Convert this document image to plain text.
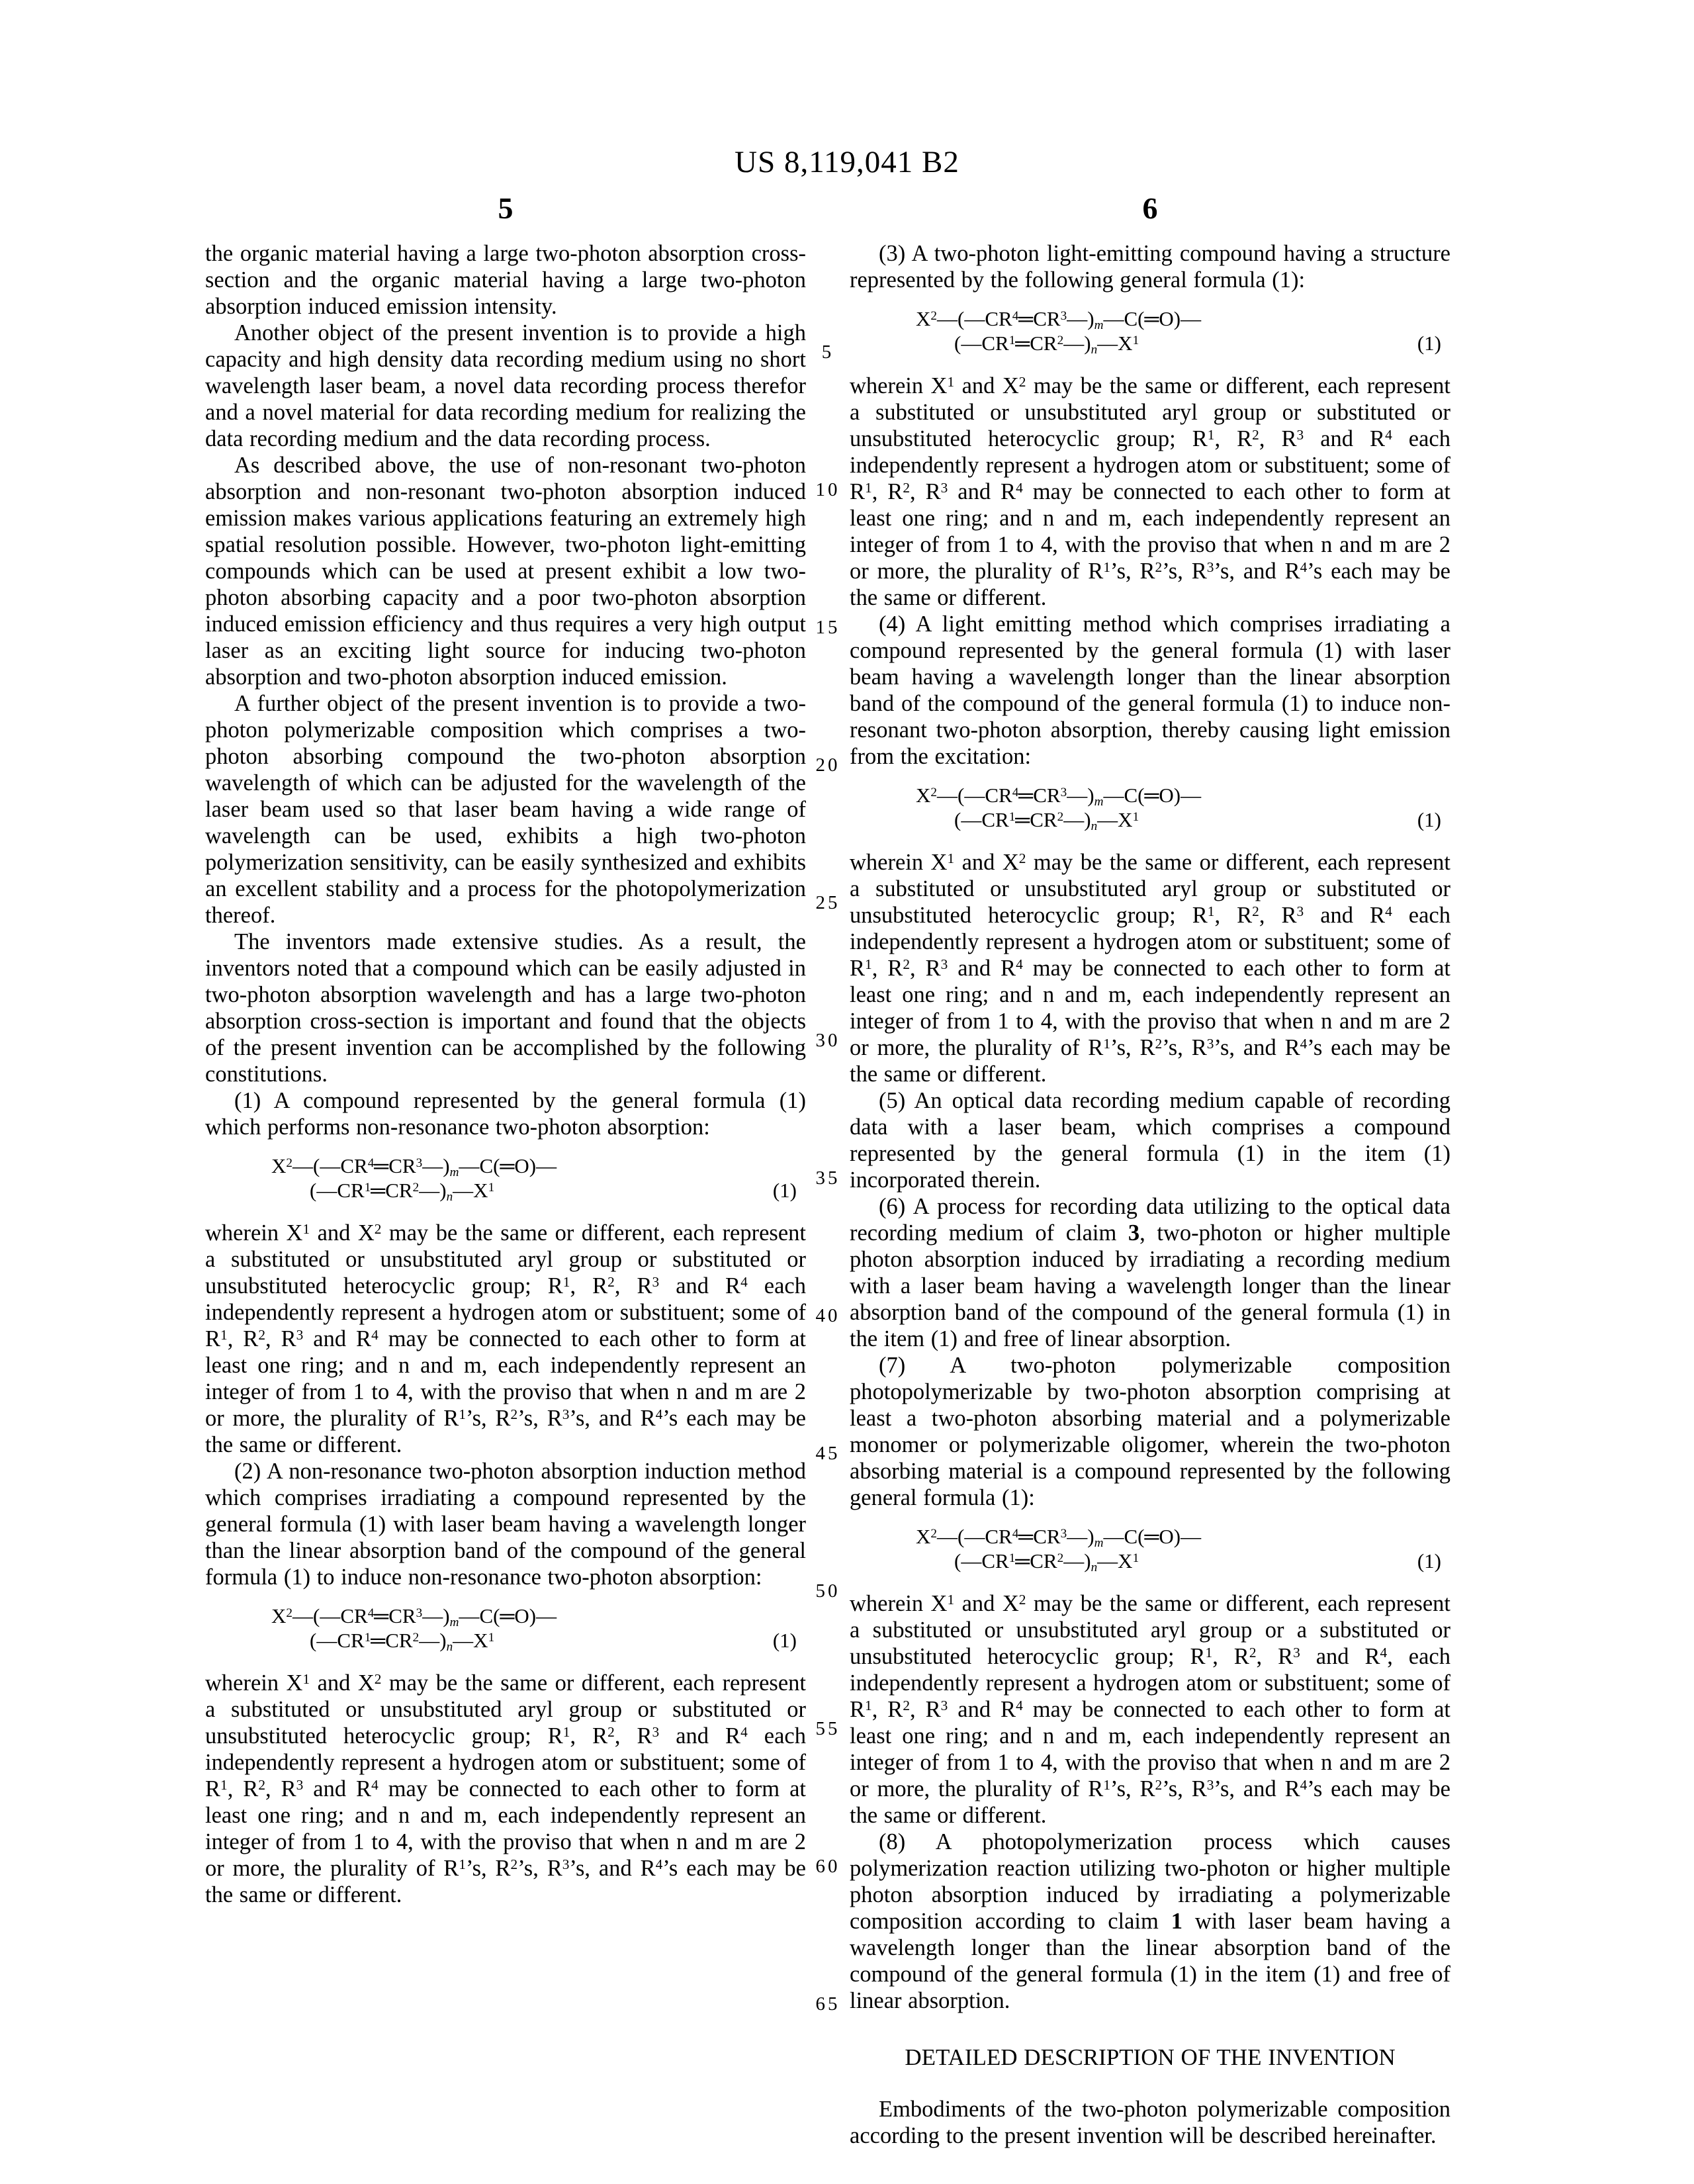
US 8,119,041 B2
5	6
5
10
15
20
25
30
35
40
45
50
55
60
65

the organic material having a large two-photon absorption cross-section and the organic material having a large two-photon absorption induced emission intensity.

Another object of the present invention is to provide a high capacity and high density data recording medium using no short wavelength laser beam, a novel data recording process therefor and a novel material for data recording medium for realizing the data recording medium and the data recording process.

As described above, the use of non-resonant two-photon absorption and non-resonant two-photon absorption induced emission makes various applications featuring an extremely high spatial resolution possible. However, two-photon light-emitting compounds which can be used at present exhibit a low two-photon absorbing capacity and a poor two-photon absorption induced emission efficiency and thus requires a very high output laser as an exciting light source for inducing two-photon absorption and two-photon absorption induced emission.

A further object of the present invention is to provide a two-photon polymerizable composition which comprises a two-photon absorbing compound the two-photon absorption wavelength of which can be adjusted for the wavelength of the laser beam used so that laser beam having a wide range of wavelength can be used, exhibits a high two-photon polymerization sensitivity, can be easily synthesized and exhibits an excellent stability and a process for the photopolymerization thereof.

The inventors made extensive studies. As a result, the inventors noted that a compound which can be easily adjusted in two-photon absorption wavelength and has a large two-photon absorption cross-section is important and found that the objects of the present invention can be accomplished by the following constitutions.

(1) A compound represented by the general formula (1) which performs non-resonance two-photon absorption:

$X^2—(—CR^4═CR^3—)_m—C(═O)—$
$(—CR^1═CR^2—)_n—X^1$	(1)

wherein $X^1$ and $X^2$ may be the same or different, each represent a substituted or unsubstituted aryl group or substituted or unsubstituted heterocyclic group; $R^1$, $R^2$, $R^3$ and $R^4$ each independently represent a hydrogen atom or substituent; some of $R^1$, $R^2$, $R^3$ and $R^4$ may be connected to each other to form at least one ring; and n and m, each independently represent an integer of from 1 to 4, with the proviso that when n and m are 2 or more, the plurality of $R^1’s$, $R^2’s$, $R^3’s$, and $R^4’s$ each may be the same or different.

(2) A non-resonance two-photon absorption induction method which comprises irradiating a compound represented by the general formula (1) with laser beam having a wavelength longer than the linear absorption band of the compound of the general formula (1) to induce non-resonance two-photon absorption:

$X^2—(—CR^4═CR^3—)_m—C(═O)—$
$(—CR^1═CR^2—)_n—X^1$	(1)

wherein $X^1$ and $X^2$ may be the same or different, each represent a substituted or unsubstituted aryl group or substituted or unsubstituted heterocyclic group; $R^1$, $R^2$, $R^3$ and $R^4$ each independently represent a hydrogen atom or substituent; some of $R^1$, $R^2$, $R^3$ and $R^4$ may be connected to each other to form at least one ring; and n and m, each independently represent an integer of from 1 to 4, with the proviso that when n and m are 2 or more, the plurality of $R^1’s$, $R^2’s$, $R^3’s$, and $R^4’s$ each may be the same or different.

(3) A two-photon light-emitting compound having a structure represented by the following general formula (1):

$X^2—(—CR^4═CR^3—)_m—C(═O)—$
$(—CR^1═CR^2—)_n—X^1$	(1)

wherein $X^1$ and $X^2$ may be the same or different, each represent a substituted or unsubstituted aryl group or substituted or unsubstituted heterocyclic group; $R^1$, $R^2$, $R^3$ and $R^4$ each independently represent a hydrogen atom or substituent; some of $R^1$, $R^2$, $R^3$ and $R^4$ may be connected to each other to form at least one ring; and n and m, each independently represent an integer of from 1 to 4, with the proviso that when n and m are 2 or more, the plurality of $R^1’s$, $R^2’s$, $R^3’s$, and $R^4’s$ each may be the same or different.

(4) A light emitting method which comprises irradiating a compound represented by the general formula (1) with laser beam having a wavelength longer than the linear absorption band of the compound of the general formula (1) to induce non-resonant two-photon absorption, thereby causing light emission from the excitation:

$X^2—(—CR^4═CR^3—)_m—C(═O)—$
$(—CR^1═CR^2—)_n—X^1$	(1)

wherein $X^1$ and $X^2$ may be the same or different, each represent a substituted or unsubstituted aryl group or substituted or unsubstituted heterocyclic group; $R^1$, $R^2$, $R^3$ and $R^4$ each independently represent a hydrogen atom or substituent; some of $R^1$, $R^2$, $R^3$ and $R^4$ may be connected to each other to form at least one ring; and n and m, each independently represent an integer of from 1 to 4, with the proviso that when n and m are 2 or more, the plurality of $R^1’s$, $R^2’s$, $R^3’s$, and $R^4’s$ each may be the same or different.

(5) An optical data recording medium capable of recording data with a laser beam, which comprises a compound represented by the general formula (1) in the item (1) incorporated therein.

(6) A process for recording data utilizing to the optical data recording medium of claim 3, two-photon or higher multiple photon absorption induced by irradiating a recording medium with a laser beam having a wavelength longer than the linear absorption band of the compound of the general formula (1) in the item (1) and free of linear absorption.

(7) A two-photon polymerizable composition photopolymerizable by two-photon absorption comprising at least a two-photon absorbing material and a polymerizable monomer or polymerizable oligomer, wherein the two-photon absorbing material is a compound represented by the following general formula (1):

$X^2—(—CR^4═CR^3—)_m—C(═O)—$
$(—CR^1═CR^2—)_n—X^1$	(1)

wherein $X^1$ and $X^2$ may be the same or different, each represent a substituted or unsubstituted aryl group or a substituted or unsubstituted heterocyclic group; $R^1$, $R^2$, $R^3$ and $R^4$, each independently represent a hydrogen atom or substituent; some of $R^1$, $R^2$, $R^3$ and $R^4$ may be connected to each other to form at least one ring; and n and m, each independently represent an integer of from 1 to 4, with the proviso that when n and m are 2 or more, the plurality of $R^1’s$, $R^2’s$, $R^3’s$, and $R^4’s$ each may be the same or different.

(8) A photopolymerization process which causes polymerization reaction utilizing two-photon or higher multiple photon absorption induced by irradiating a polymerizable composition according to claim 1 with laser beam having a wavelength longer than the linear absorption band of the compound of the general formula (1) in the item (1) and free of linear absorption.

DETAILED DESCRIPTION OF THE INVENTION

Embodiments of the two-photon polymerizable composition according to the present invention will be described hereinafter.
